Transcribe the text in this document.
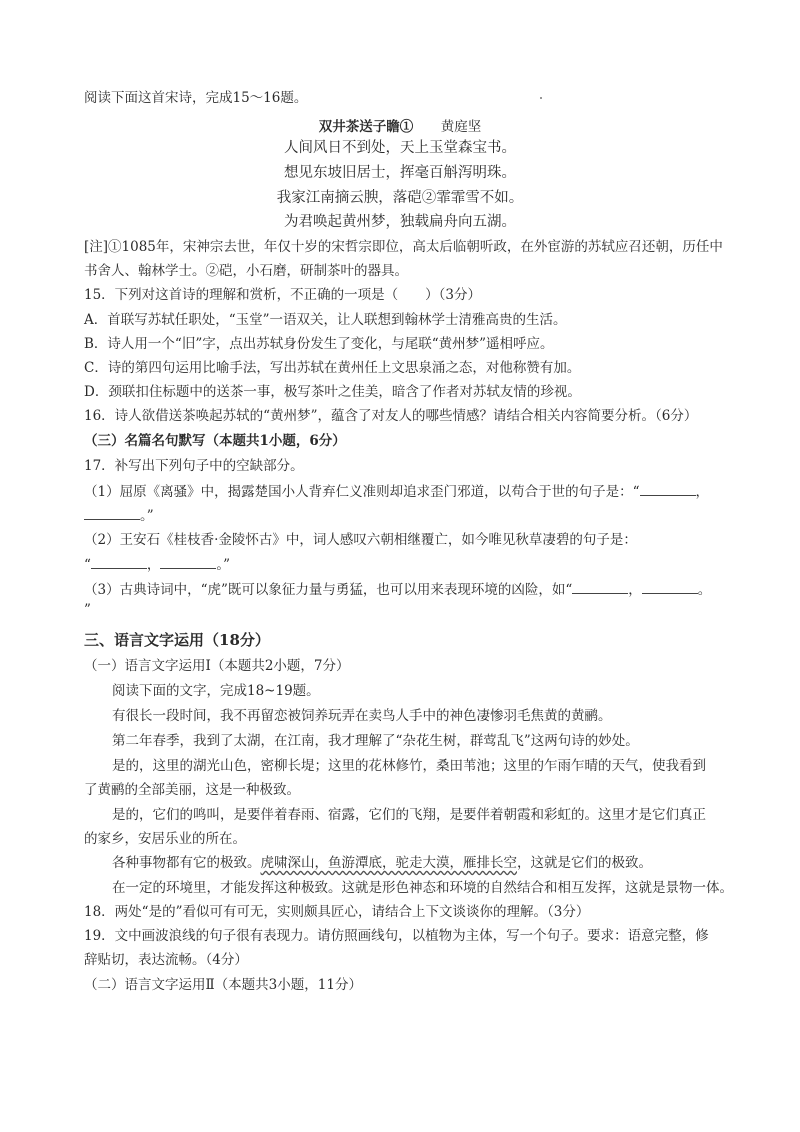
阅读下面这首宋诗，完成15～16题。
双井茶送子瞻① 黄庭坚
人间风日不到处，天上玉堂森宝书。
想见东坡旧居士，挥毫百斛泻明珠。
我家江南摘云腴，落硙②霏霏雪不如。
为君唤起黄州梦，独载扁舟向五湖。
[注]①1085年，宋神宗去世，年仅十岁的宋哲宗即位，高太后临朝听政，在外宦游的苏轼应召还朝，历任中
书舍人、翰林学士。②硙，小石磨，研制茶叶的器具。
15．下列对这首诗的理解和赏析，不正确的一项是（　　）（3分）
A．首联写苏轼任职处，“玉堂”一语双关，让人联想到翰林学士清雅高贵的生活。
B．诗人用一个“旧”字，点出苏轼身份发生了变化，与尾联“黄州梦”遥相呼应。
C．诗的第四句运用比喻手法，写出苏轼在黄州任上文思泉涌之态，对他称赞有加。
D．颈联扣住标题中的送茶一事，极写茶叶之佳美，暗含了作者对苏轼友情的珍视。
16．诗人欲借送茶唤起苏轼的“黄州梦”，蕴含了对友人的哪些情感？请结合相关内容简要分析。（6分）
（三）名篇名句默写（本题共1小题，6分）
17．补写出下列句子中的空缺部分。
（1）屈原《离骚》中，揭露楚国小人背弃仁义准则却追求歪门邪道，以苟合于世的句子是：“	，
。”
（2）王安石《桂枝香·金陵怀古》中，词人感叹六朝相继覆亡，如今唯见秋草凄碧的句子是：
“	，	。”
（3）古典诗词中，“虎”既可以象征力量与勇猛，也可以用来表现环境的凶险，如“	，	。
”
三、语言文字运用（18分）
（一）语言文字运用Ⅰ（本题共2小题，7分）
阅读下面的文字，完成18~19题。
有很长一段时间，我不再留恋被饲养玩弄在卖鸟人手中的神色凄惨羽毛焦黄的黄鹂。
第二年春季，我到了太湖，在江南，我才理解了“杂花生树，群莺乱飞”这两句诗的妙处。
是的，这里的湖光山色，密柳长堤；这里的花林修竹，桑田苇池；这里的乍雨乍晴的天气，使我看到
了黄鹂的全部美丽，这是一种极致。
是的，它们的鸣叫，是要伴着春雨、宿露，它们的飞翔，是要伴着朝霞和彩虹的。这里才是它们真正
的家乡，安居乐业的所在。
各种事物都有它的极致。虎啸深山，鱼游潭底，驼走大漠，雁排长空，这就是它们的极致。
在一定的环境里，才能发挥这种极致。这就是形色神态和环境的自然结合和相互发挥，这就是景物一体。
18．两处“是的”看似可有可无，实则颇具匠心，请结合上下文谈谈你的理解。（3分）
19．文中画波浪线的句子很有表现力。请仿照画线句，以植物为主体，写一个句子。要求：语意完整，修
辞贴切，表达流畅。（4分）
（二）语言文字运用Ⅱ（本题共3小题，11分）
